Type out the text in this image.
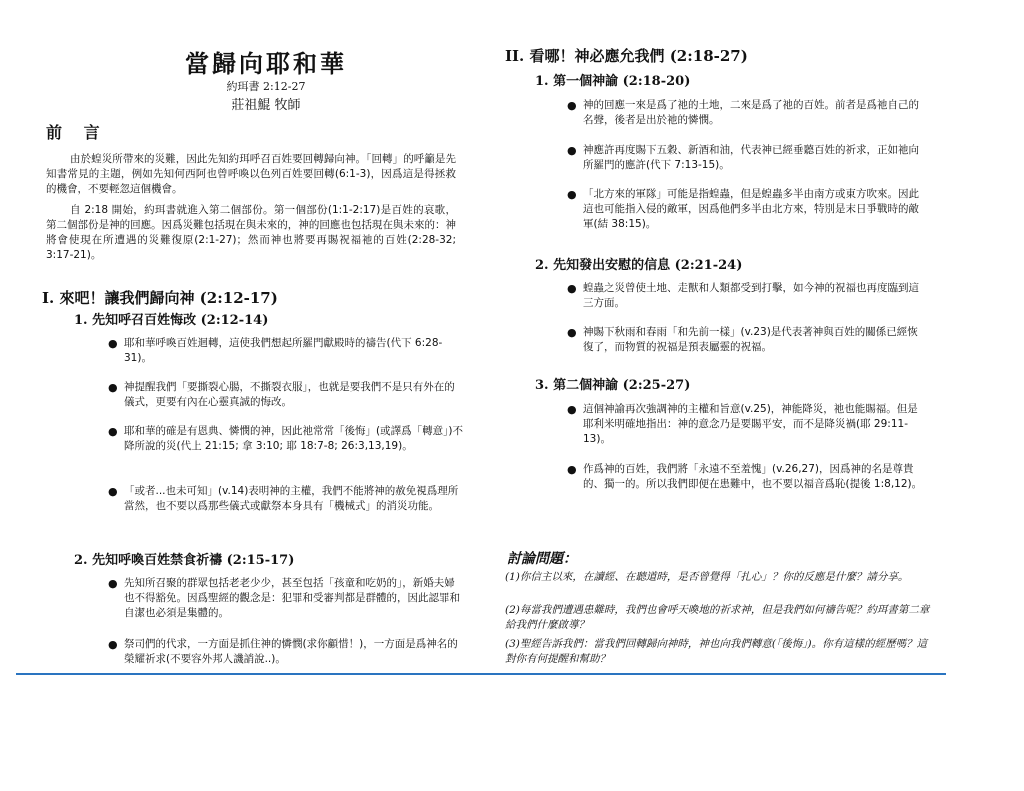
當歸向耶和華
約珥書 2:12-27
莊祖鯤 牧師
前 言
由於蝗災所帶來的災難，因此先知約珥呼召百姓要回轉歸向神。「回轉」的呼籲是先知書常見的主題，例如先知何西阿也曾呼喚以色列百姓要回轉(6:1-3)，因爲這是得拯救的機會，不要輕忽這個機會。
自 2:18 開始，約珥書就進入第二個部份。第一個部份(1:1-2:17)是百姓的哀歌，第二個部份是神的回應。因爲災難包括現在與未來的，神的回應也包括現在與未來的：神將會使現在所遭遇的災難復原(2:1-27)；然而神也將要再賜祝福祂的百姓(2:28-32; 3:17-21)。
I. 來吧！讓我們歸向神 (2:12-17)
1. 先知呼召百姓悔改 (2:12-14)
● 耶和華呼喚百姓迴轉，這使我們想起所羅門獻殿時的禱告(代下 6:28-31)。
● 神提醒我們「要撕裂心腸，不撕裂衣服」，也就是要我們不是只有外在的儀式，更要有內在心靈真誠的悔改。
● 耶和華的確是有恩典、憐憫的神，因此祂常常「後悔」(或譯爲「轉意」)不降所說的災(代上 21:15; 拿 3:10; 耶 18:7-8; 26:3,13,19)。
● 「或者...也未可知」(v.14)表明神的主權，我們不能將神的赦免視爲理所當然，也不要以爲那些儀式或獻祭本身具有「機械式」的消災功能。
2. 先知呼喚百姓禁食祈禱 (2:15-17)
● 先知所召聚的群眾包括老老少少，甚至包括「孩童和吃奶的」，新婚夫婦也不得豁免。因爲聖經的觀念是：犯罪和受審判都是群體的，因此認罪和自潔也必須是集體的。
● 祭司們的代求，一方面是抓住神的憐憫(求你顧惜！)，一方面是爲神名的榮耀祈求(不要容外邦人譏誚說..)。
II. 看哪！神必應允我們 (2:18-27)
1. 第一個神諭 (2:18-20)
● 神的回應一來是爲了祂的土地，二來是爲了祂的百姓。前者是爲祂自己的名聲，後者是出於祂的憐憫。
● 神應許再度賜下五穀、新酒和油，代表神已經垂聽百姓的祈求，正如祂向所羅門的應許(代下 7:13-15)。
● 「北方來的軍隊」可能是指蝗蟲，但是蝗蟲多半由南方或東方吹來。因此這也可能指入侵的敵軍，因爲他們多半由北方來，特別是末日爭戰時的敵軍(結 38:15)。
2. 先知發出安慰的信息 (2:21-24)
● 蝗蟲之災曾使土地、走獸和人類都受到打擊，如今神的祝福也再度臨到這三方面。
● 神賜下秋雨和春雨「和先前一樣」(v.23)是代表著神與百姓的關係已經恢復了，而物質的祝福是預表屬靈的祝福。
3. 第二個神諭 (2:25-27)
● 這個神諭再次強調神的主權和旨意(v.25)，神能降災，祂也能賜福。但是耶利米明確地指出：神的意念乃是要賜平安，而不是降災禍(耶 29:11-13)。
● 作爲神的百姓，我們將「永遠不至羞愧」(v.26,27)，因爲神的名是尊貴的、獨一的。所以我們即便在患難中，也不要以福音爲恥(提後 1:8,12)。
討論問題：
(1)你信主以來，在讀經、在聽道時，是否曾覺得「扎心」？你的反應是什麼？請分享。
(2)每當我們遭遇患難時，我們也會呼天喚地的祈求神，但是我們如何禱告呢？約珥書第二章給我們什麼啟導？
(3)聖經告訴我們：當我們回轉歸向神時，神也向我們轉意(「後悔」)。你有這樣的經歷嗎？這對你有何提醒和幫助？
